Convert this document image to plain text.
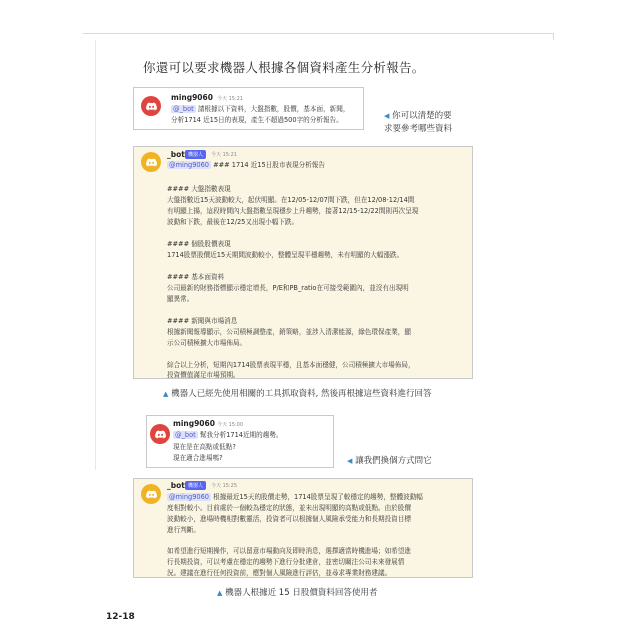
你還可以要求機器人根據各個資料產生分析報告。
ming9060 今天 15:21
@_bot 請根據以下資料，大盤指數，股價，基本面，新聞，
分析1714 近15日的表現，產生不超過500字的分析報告。	◀ 你可以清楚的要
求要參考哪些資料
_bot 機器人	今天 15:21
@ming9060 ### 1714 近15日股市表現分析報告
#### 大盤指數表現
大盤指數近15天波動較大，起伏明顯。在12/05-12/07間下跌，但在12/08-12/14間
有明顯上揚，這段時間內大盤指數呈現穩步上升趨勢，接著12/15-12/22間則再次呈現
波動和下跌，最後在12/25又出現小幅下跌。
#### 個股股價表現
1714股票股價近15天期間波動較小，整體呈現平穩趨勢，未有明顯的大幅漲跌。
#### 基本面資料
公司最新的財務指標顯示穩定增長，P/E和PB_ratio在可接受範圍內，並沒有出現明
顯異常。
#### 新聞與市場消息
根據新聞報導顯示，公司積極調整產，銷策略，並涉入清潔能源，綠色環保產業，顯
示公司積極擴大市場佈局。
綜合以上分析，短期內1714股票表現平穩，且基本面穩健，公司積極擴大市場佈局，
投資價值滿足市場預期。
▲ 機器人已經先使用相關的工具抓取資料, 然後再根據這些資料進行回答
ming9060 今天 15:00
@_bot 幫我分析1714近期的趨勢。
現在是在高點或低點?
現在適合進場嗎?	◀ 讓我們換個方式問它
_bot 機器人	今天 15:25
@ming9060 根據最近15天的股價走勢，1714股票呈現了較穩定的趨勢，整體波動幅
度相對較小。目前處於一個較為穩定的狀態，並未出現明顯的高點或低點。由於股價
波動較小，進場時機相對數靈活，投資者可以根據個人風險承受能力和長期投資目標
進行判斷。
如希望進行短期操作，可以留意市場動向及即時消息，選擇適當時機進場；如希望進
行長期投資，可以考慮在穩定的趨勢下進行分批建倉，並密切關注公司未來發展情
況。建議在進行任何投資前，應對個人風險進行評估，並尋求專業財務建議。
▲ 機器人根據近 15 日股價資料回答使用者
12-18
